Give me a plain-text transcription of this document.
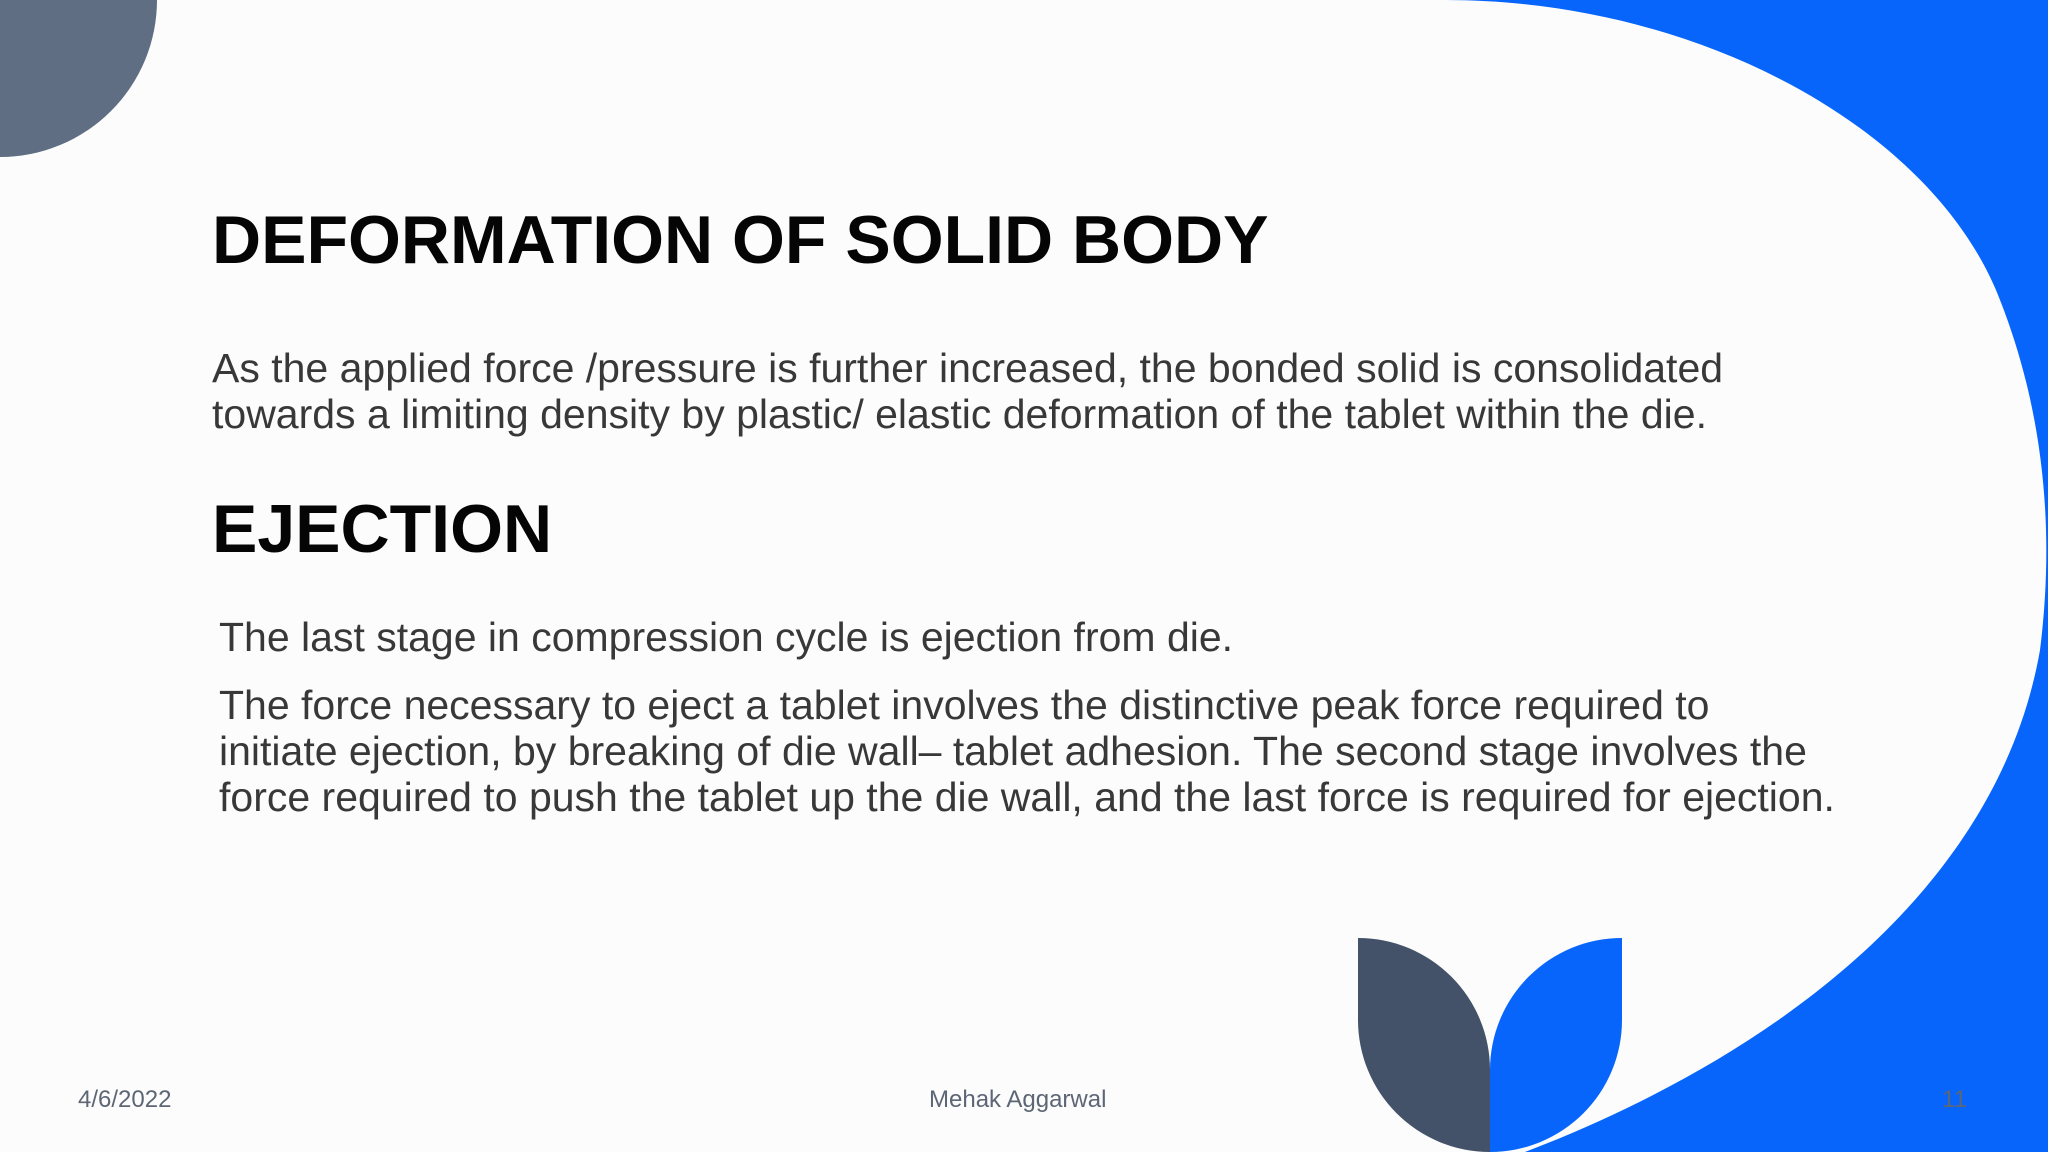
DEFORMATION OF SOLID BODY

As the applied force /pressure is further increased, the bonded solid is consolidated towards a limiting density by plastic/ elastic deformation of the tablet within the die.

EJECTION

The last stage in compression cycle is ejection from die.

The force necessary to eject a tablet involves the distinctive peak force required to initiate ejection, by breaking of die wall– tablet adhesion. The second stage involves the force required to push the tablet up the die wall, and the last force is required for ejection.

4/6/2022	Mehak Aggarwal	11
